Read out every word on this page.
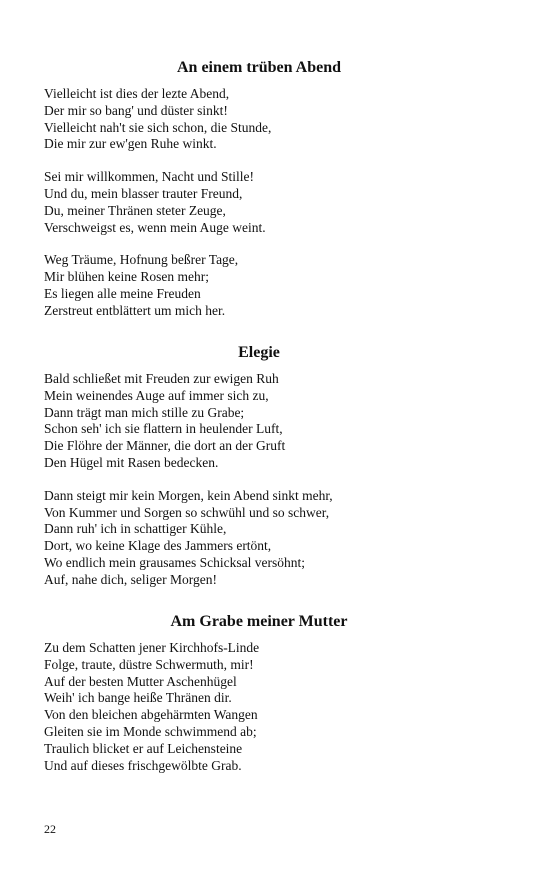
An einem trüben Abend
Vielleicht ist dies der lezte Abend,
Der mir so bang' und düster sinkt!
Vielleicht nah't sie sich schon, die Stunde,
Die mir zur ew'gen Ruhe winkt.
Sei mir willkommen, Nacht und Stille!
Und du, mein blasser trauter Freund,
Du, meiner Thränen steter Zeuge,
Verschweigst es, wenn mein Auge weint.
Weg Träume, Hofnung beßrer Tage,
Mir blühen keine Rosen mehr;
Es liegen alle meine Freuden
Zerstreut entblättert um mich her.
Elegie
Bald schließet mit Freuden zur ewigen Ruh
Mein weinendes Auge auf immer sich zu,
Dann trägt man mich stille zu Grabe;
Schon seh' ich sie flattern in heulender Luft,
Die Flöhre der Männer, die dort an der Gruft
Den Hügel mit Rasen bedecken.
Dann steigt mir kein Morgen, kein Abend sinkt mehr,
Von Kummer und Sorgen so schwühl und so schwer,
Dann ruh' ich in schattiger Kühle,
Dort, wo keine Klage des Jammers ertönt,
Wo endlich mein grausames Schicksal versöhnt;
Auf, nahe dich, seliger Morgen!
Am Grabe meiner Mutter
Zu dem Schatten jener Kirchhofs-Linde
Folge, traute, düstre Schwermuth, mir!
Auf der besten Mutter Aschenhügel
Weih' ich bange heiße Thränen dir.
Von den bleichen abgehärmten Wangen
Gleiten sie im Monde schwimmend ab;
Traulich blicket er auf Leichensteine
Und auf dieses frischgewölbte Grab.
22
